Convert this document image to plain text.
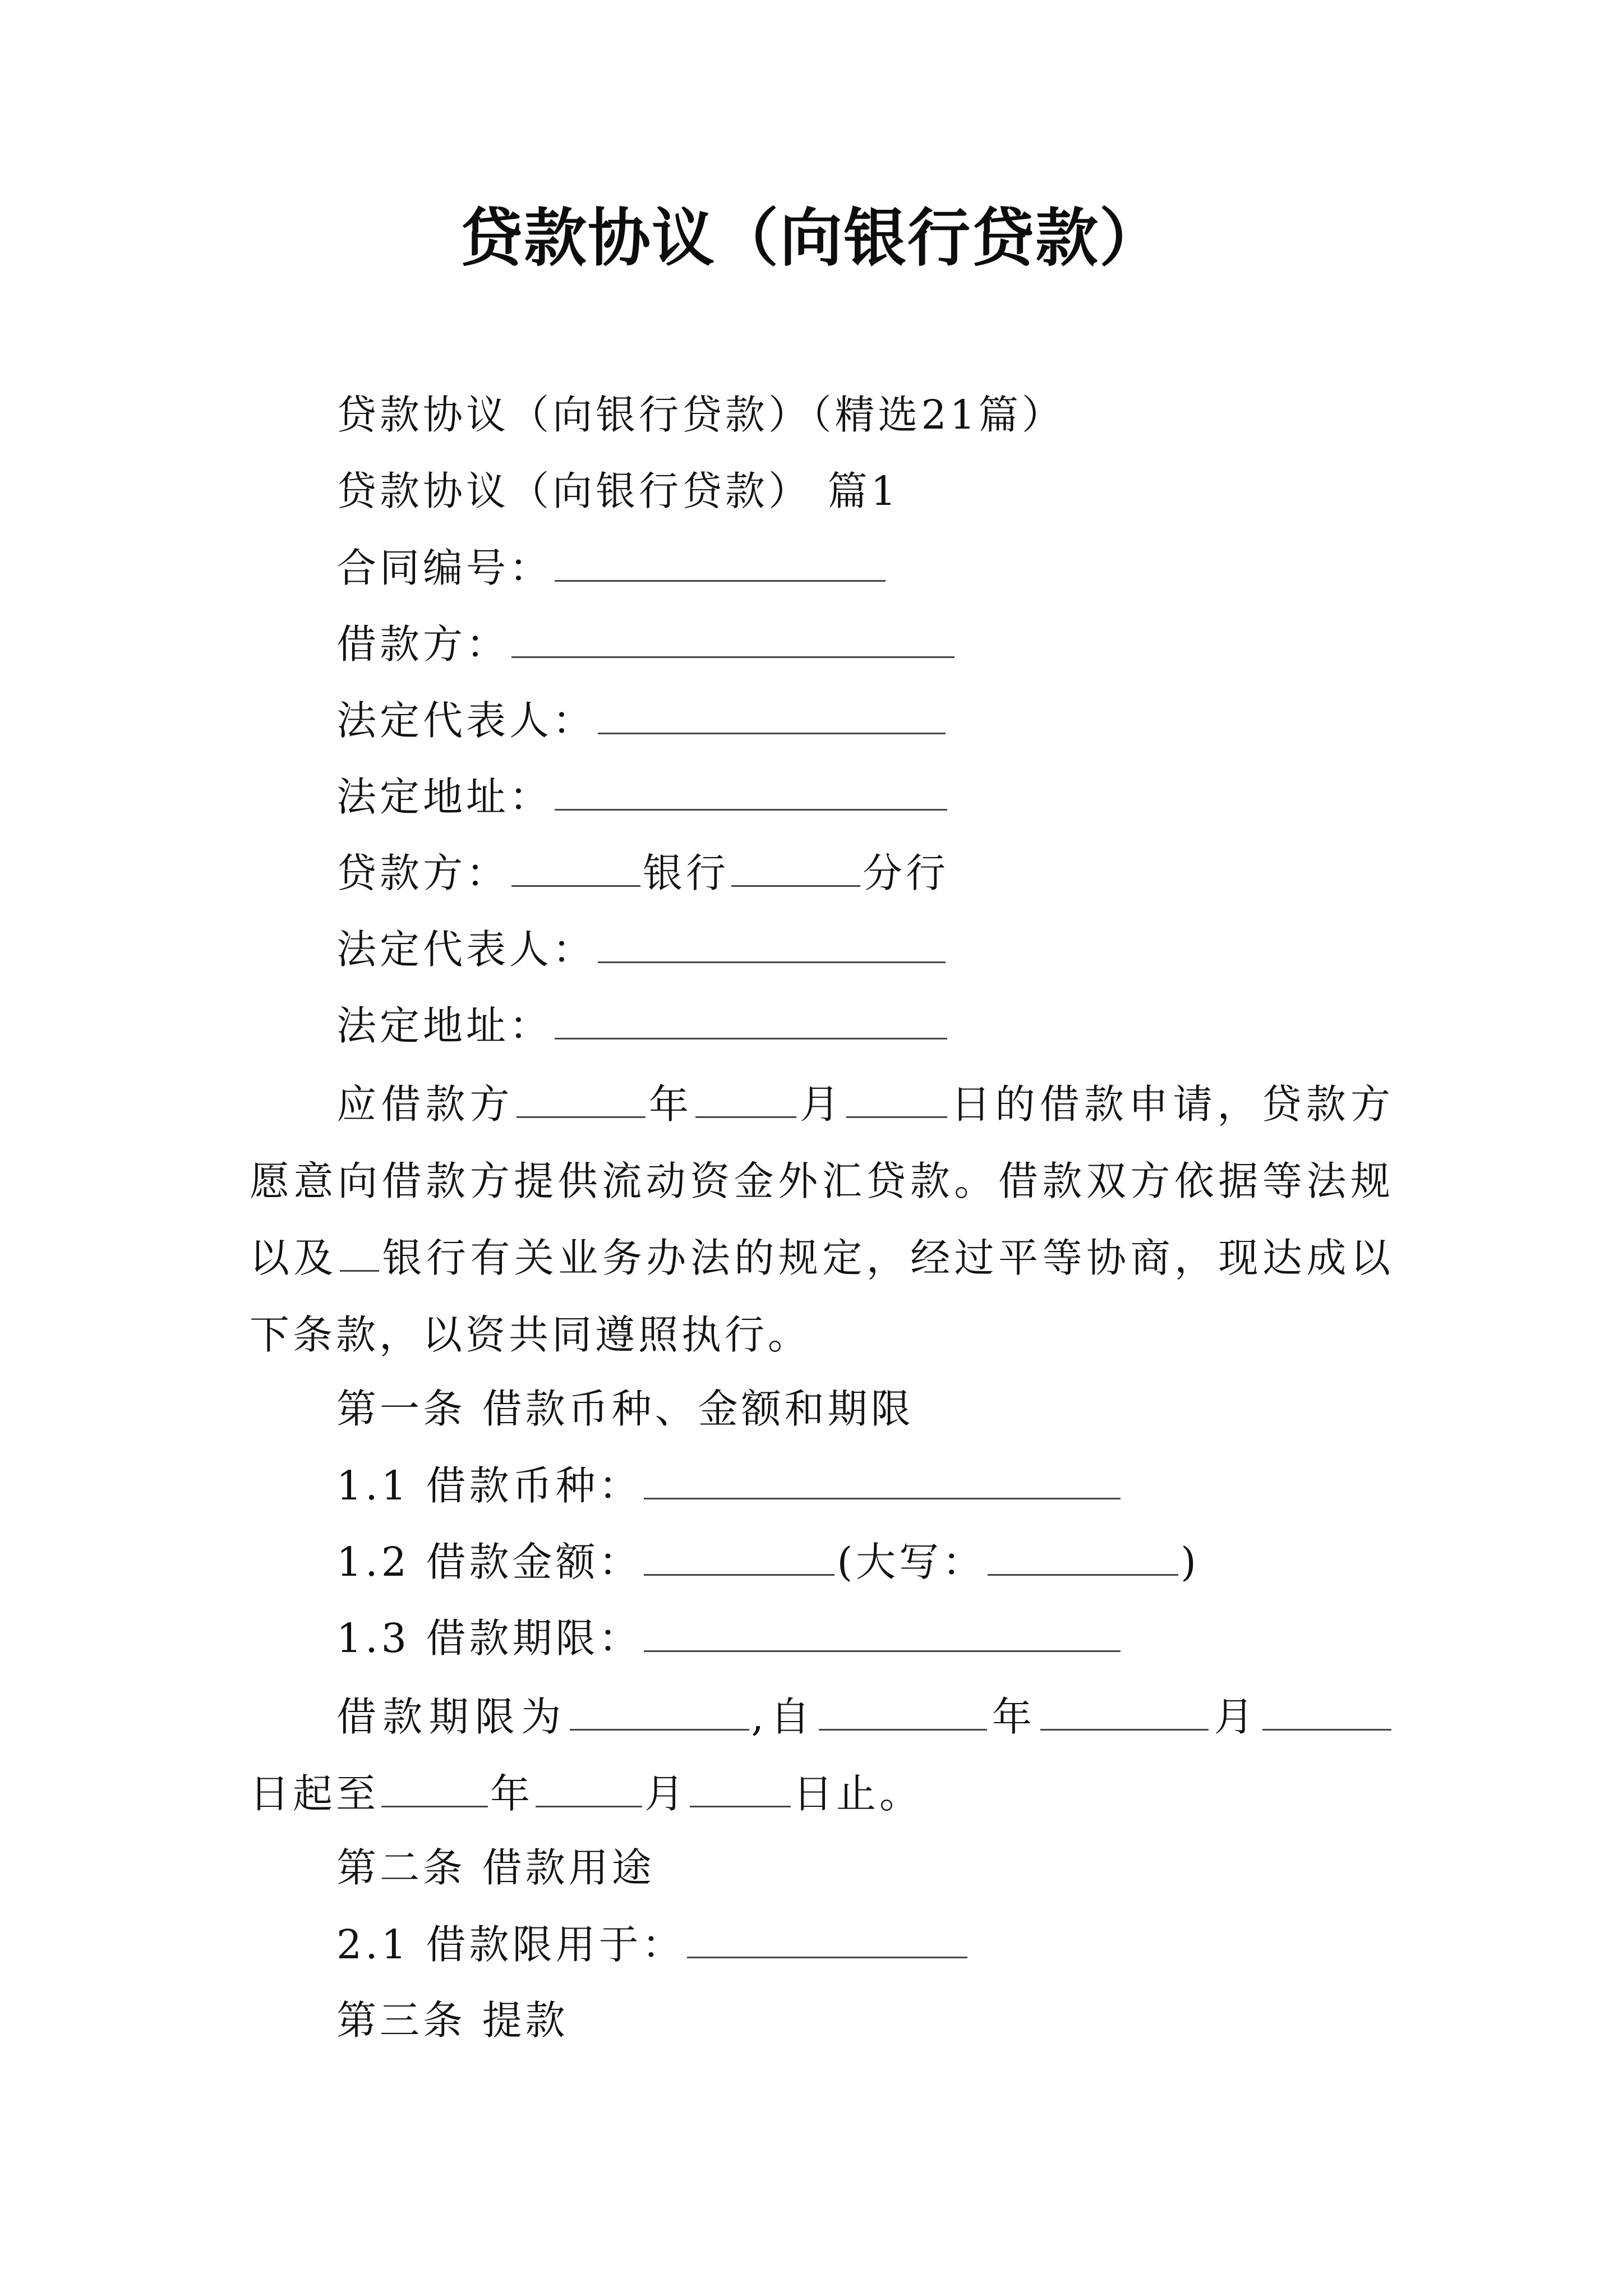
贷款协议（向银行贷款）
贷款协议（向银行贷款）（精选21篇）
贷款协议（向银行贷款） 篇1
合同编号：
借款方：
法定代表人：
法定地址：
贷款方：	银行	分行
法定代表人：
法定地址：
应借款方	年	月	日的借款申请，贷款方愿意向借款方提供流动资金外汇贷款。借款双方依据等法规以及 银行有关业务办法的规定，经过平等协商，现达成以下条款，以资共同遵照执行。
第一条 借款币种、金额和期限
1.1 借款币种：
1.2 借款金额：	(大写：	)
1.3 借款期限：
借款期限为	,自	年	月日起至	年	月	日止。
第二条 借款用途
2.1 借款限用于：
第三条 提款
